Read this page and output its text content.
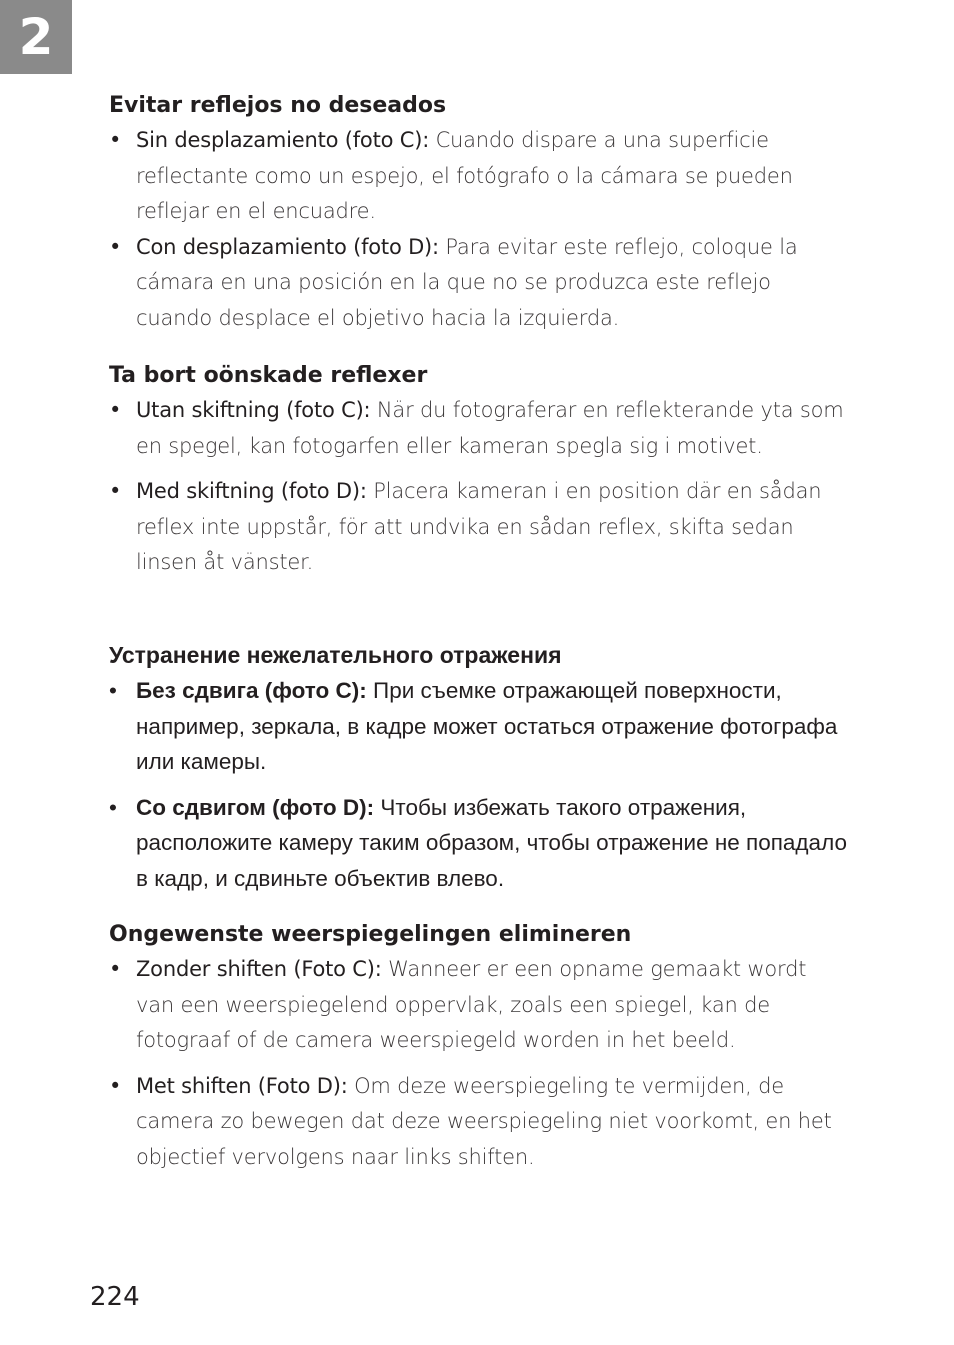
2
Evitar reflejos no deseados
• Sin desplazamiento (foto C): Cuando dispare a una superficie reflectante como un espejo, el fotógrafo o la cámara se pueden reflejar en el encuadre.
• Con desplazamiento (foto D): Para evitar este reflejo, coloque la cámara en una posición en la que no se produzca este reflejo cuando desplace el objetivo hacia la izquierda.
Ta bort oönskade reflexer
• Utan skiftning (foto C): När du fotograferar en reflekterande yta som en spegel, kan fotogarfen eller kameran spegla sig i motivet.
• Med skiftning (foto D): Placera kameran i en position där en sådan reflex inte uppstår, för att undvika en sådan reflex, skifta sedan linsen åt vänster.
Устранение нежелательного отражения
• Без сдвига (фото C): При съемке отражающей поверхности, например, зеркала, в кадре может остаться отражение фотографа или камеры.
• Со сдвигом (фото D): Чтобы избежать такого отражения, расположите камеру таким образом, чтобы отражение не попадало в кадр, и сдвиньте объектив влево.
Ongewenste weerspiegelingen elimineren
• Zonder shiften (Foto C): Wanneer er een opname gemaakt wordt van een weerspiegelend oppervlak, zoals een spiegel, kan de fotograaf of de camera weerspiegeld worden in het beeld.
• Met shiften (Foto D): Om deze weerspiegeling te vermijden, de camera zo bewegen dat deze weerspiegeling niet voorkomt, en het objectief vervolgens naar links shiften.
224
